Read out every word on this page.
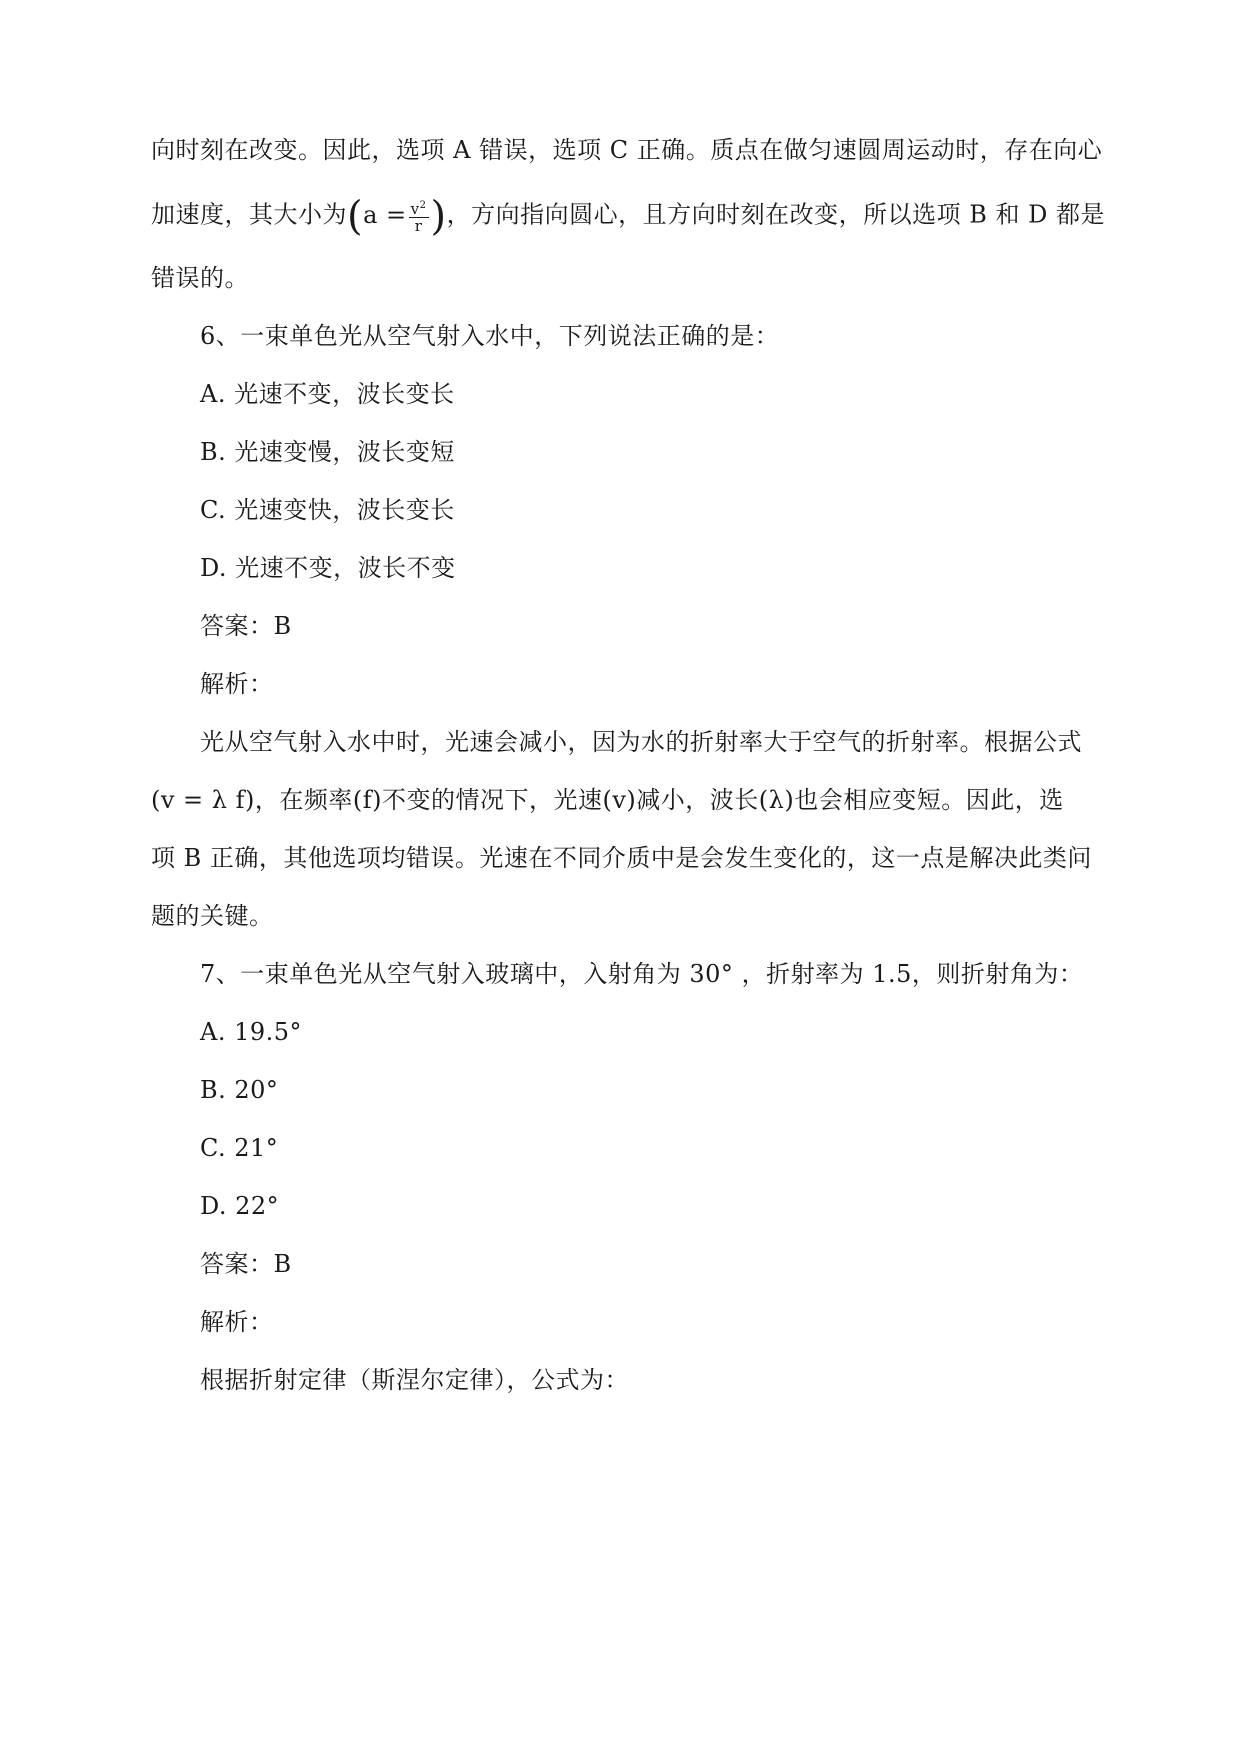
向时刻在改变。因此，选项 A 错误，选项 C 正确。质点在做匀速圆周运动时，存在向心
加速度，其大小为($a = \frac{v^2}{r}$ )，方向指向圆心，且方向时刻在改变，所以选项 B 和 D 都是
错误的。
6、一束单色光从空气射入水中，下列说法正确的是：
A. 光速不变，波长变长
B. 光速变慢，波长变短
C. 光速变快，波长变长
D. 光速不变，波长不变
答案：B
解析：
光从空气射入水中时，光速会减小，因为水的折射率大于空气的折射率。根据公式
(v = λ f)，在频率(f)不变的情况下，光速(v)减小，波长(λ)也会相应变短。因此，选
项 B 正确，其他选项均错误。光速在不同介质中是会发生变化的，这一点是解决此类问
题的关键。
7、一束单色光从空气射入玻璃中，入射角为 30° ，折射率为 1.5，则折射角为：
A. 19.5°
B. 20°
C. 21°
D. 22°
答案：B
解析：
根据折射定律（斯涅尔定律），公式为：
